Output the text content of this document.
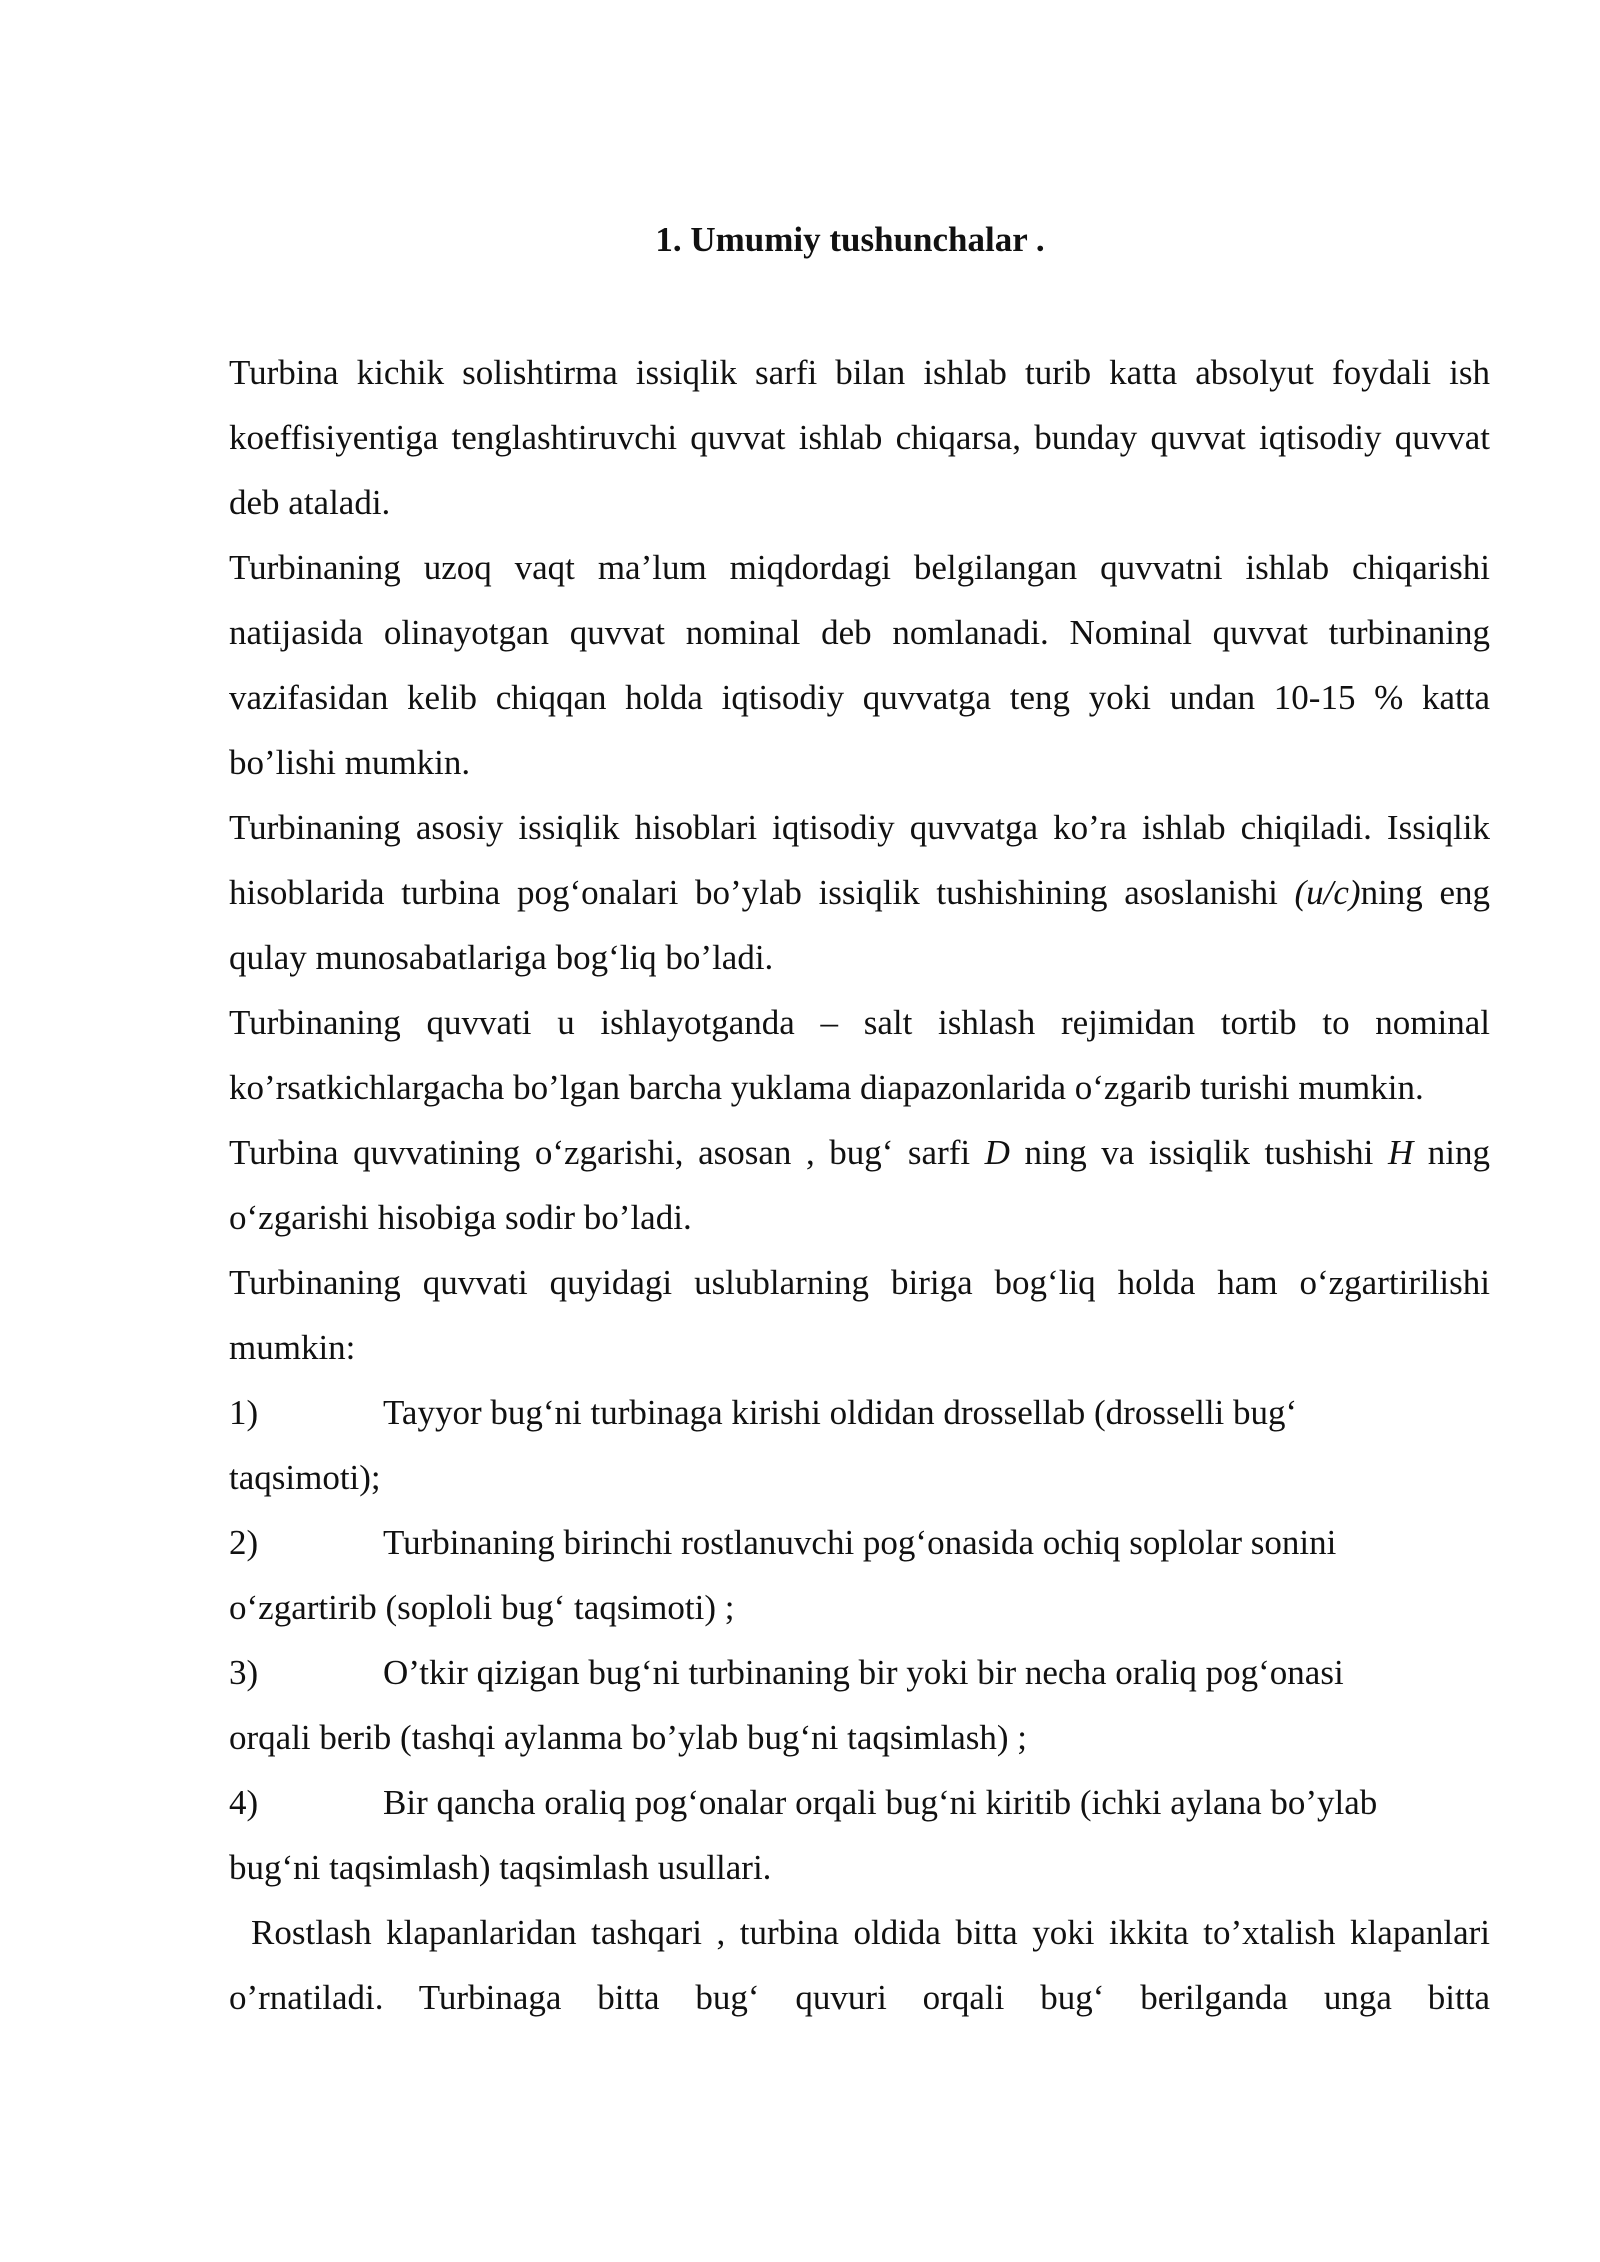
1. Umumiy tushunchalar .

Turbina kichik solishtirma issiqlik sarfi bilan ishlab turib katta absolyut foydali ish koeffisiyentiga tenglashtiruvchi quvvat ishlab chiqarsa, bunday quvvat iqtisodiy quvvat deb ataladi.

Turbinaning uzoq vaqt ma’lum miqdordagi belgilangan quvvatni ishlab chiqarishi natijasida olinayotgan quvvat nominal deb nomlanadi. Nominal quvvat turbinaning vazifasidan kelib chiqqan holda iqtisodiy quvvatga teng yoki undan 10-15 % katta bo’lishi mumkin.

Turbinaning asosiy issiqlik hisoblari iqtisodiy quvvatga ko’ra ishlab chiqiladi. Issiqlik hisoblarida turbina pog‘onalari bo’ylab issiqlik tushishining asoslanishi (u/c)ning eng qulay munosabatlariga bog‘liq bo’ladi.

Turbinaning quvvati u ishlayotganda – salt ishlash rejimidan tortib to nominal ko’rsatkichlargacha bo’lgan barcha yuklama diapazonlarida o‘zgarib turishi mumkin.

Turbina quvvatining o‘zgarishi, asosan , bug‘ sarfi D ning va issiqlik tushishi H ning o‘zgarishi hisobiga sodir bo’ladi.

Turbinaning quvvati quyidagi uslublarning biriga bog‘liq holda ham o‘zgartirilishi mumkin:

1)	Tayyor bug‘ni turbinaga kirishi oldidan drossellab (drosselli bug‘
taqsimoti);
2)	Turbinaning birinchi rostlanuvchi pog‘onasida ochiq soplolar sonini
o‘zgartirib (soploli bug‘ taqsimoti) ;
3)	O’tkir qizigan bug‘ni turbinaning bir yoki bir necha oraliq pog‘onasi
orqali berib (tashqi aylanma bo’ylab bug‘ni taqsimlash) ;
4)	Bir qancha oraliq pog‘onalar orqali bug‘ni kiritib (ichki aylana bo’ylab
bug‘ni taqsimlash) taqsimlash usullari.

Rostlash klapanlaridan tashqari , turbina oldida bitta yoki ikkita to’xtalish klapanlari o’rnatiladi. Turbinaga bitta bug‘ quvuri orqali bug‘ berilganda unga bitta
